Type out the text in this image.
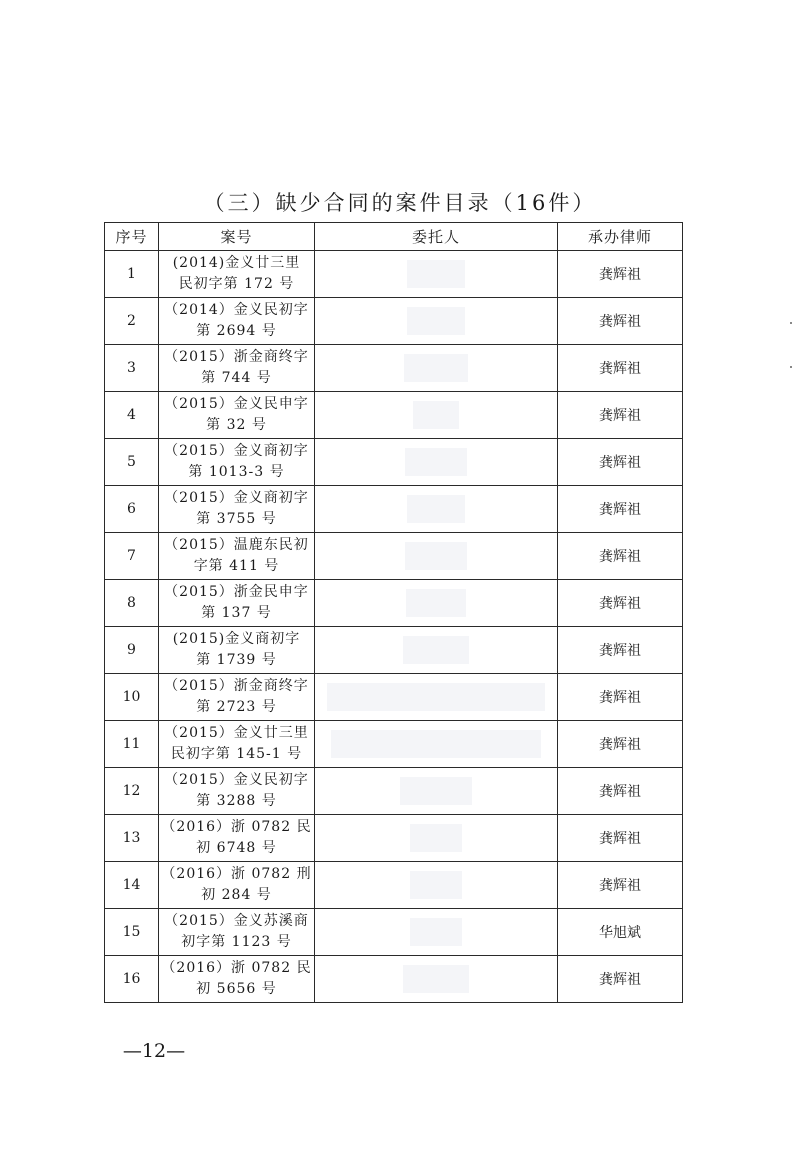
（三）缺少合同的案件目录（16件）
序号	案号	委托人	承办律师
1	(2014)金义廿三里
民初字第 172 号		龚辉祖
2	（2014）金义民初字
第 2694 号		龚辉祖
3	（2015）浙金商终字
第 744 号		龚辉祖
4	（2015）金义民申字
第 32 号		龚辉祖
5	（2015）金义商初字
第 1013-3 号		龚辉祖
6	（2015）金义商初字
第 3755 号		龚辉祖
7	（2015）温鹿东民初
字第 411 号		龚辉祖
8	（2015）浙金民申字
第 137 号		龚辉祖
9	(2015)金义商初字
第 1739 号		龚辉祖
10	（2015）浙金商终字
第 2723 号		龚辉祖
11	（2015）金义廿三里
民初字第 145-1 号		龚辉祖
12	（2015）金义民初字
第 3288 号		龚辉祖
13	（2016）浙 0782 民
初 6748 号		龚辉祖
14	（2016）浙 0782 刑
初 284 号		龚辉祖
15	（2015）金义苏溪商
初字第 1123 号		华旭斌
16	（2016）浙 0782 民
初 5656 号		龚辉祖
—12—
